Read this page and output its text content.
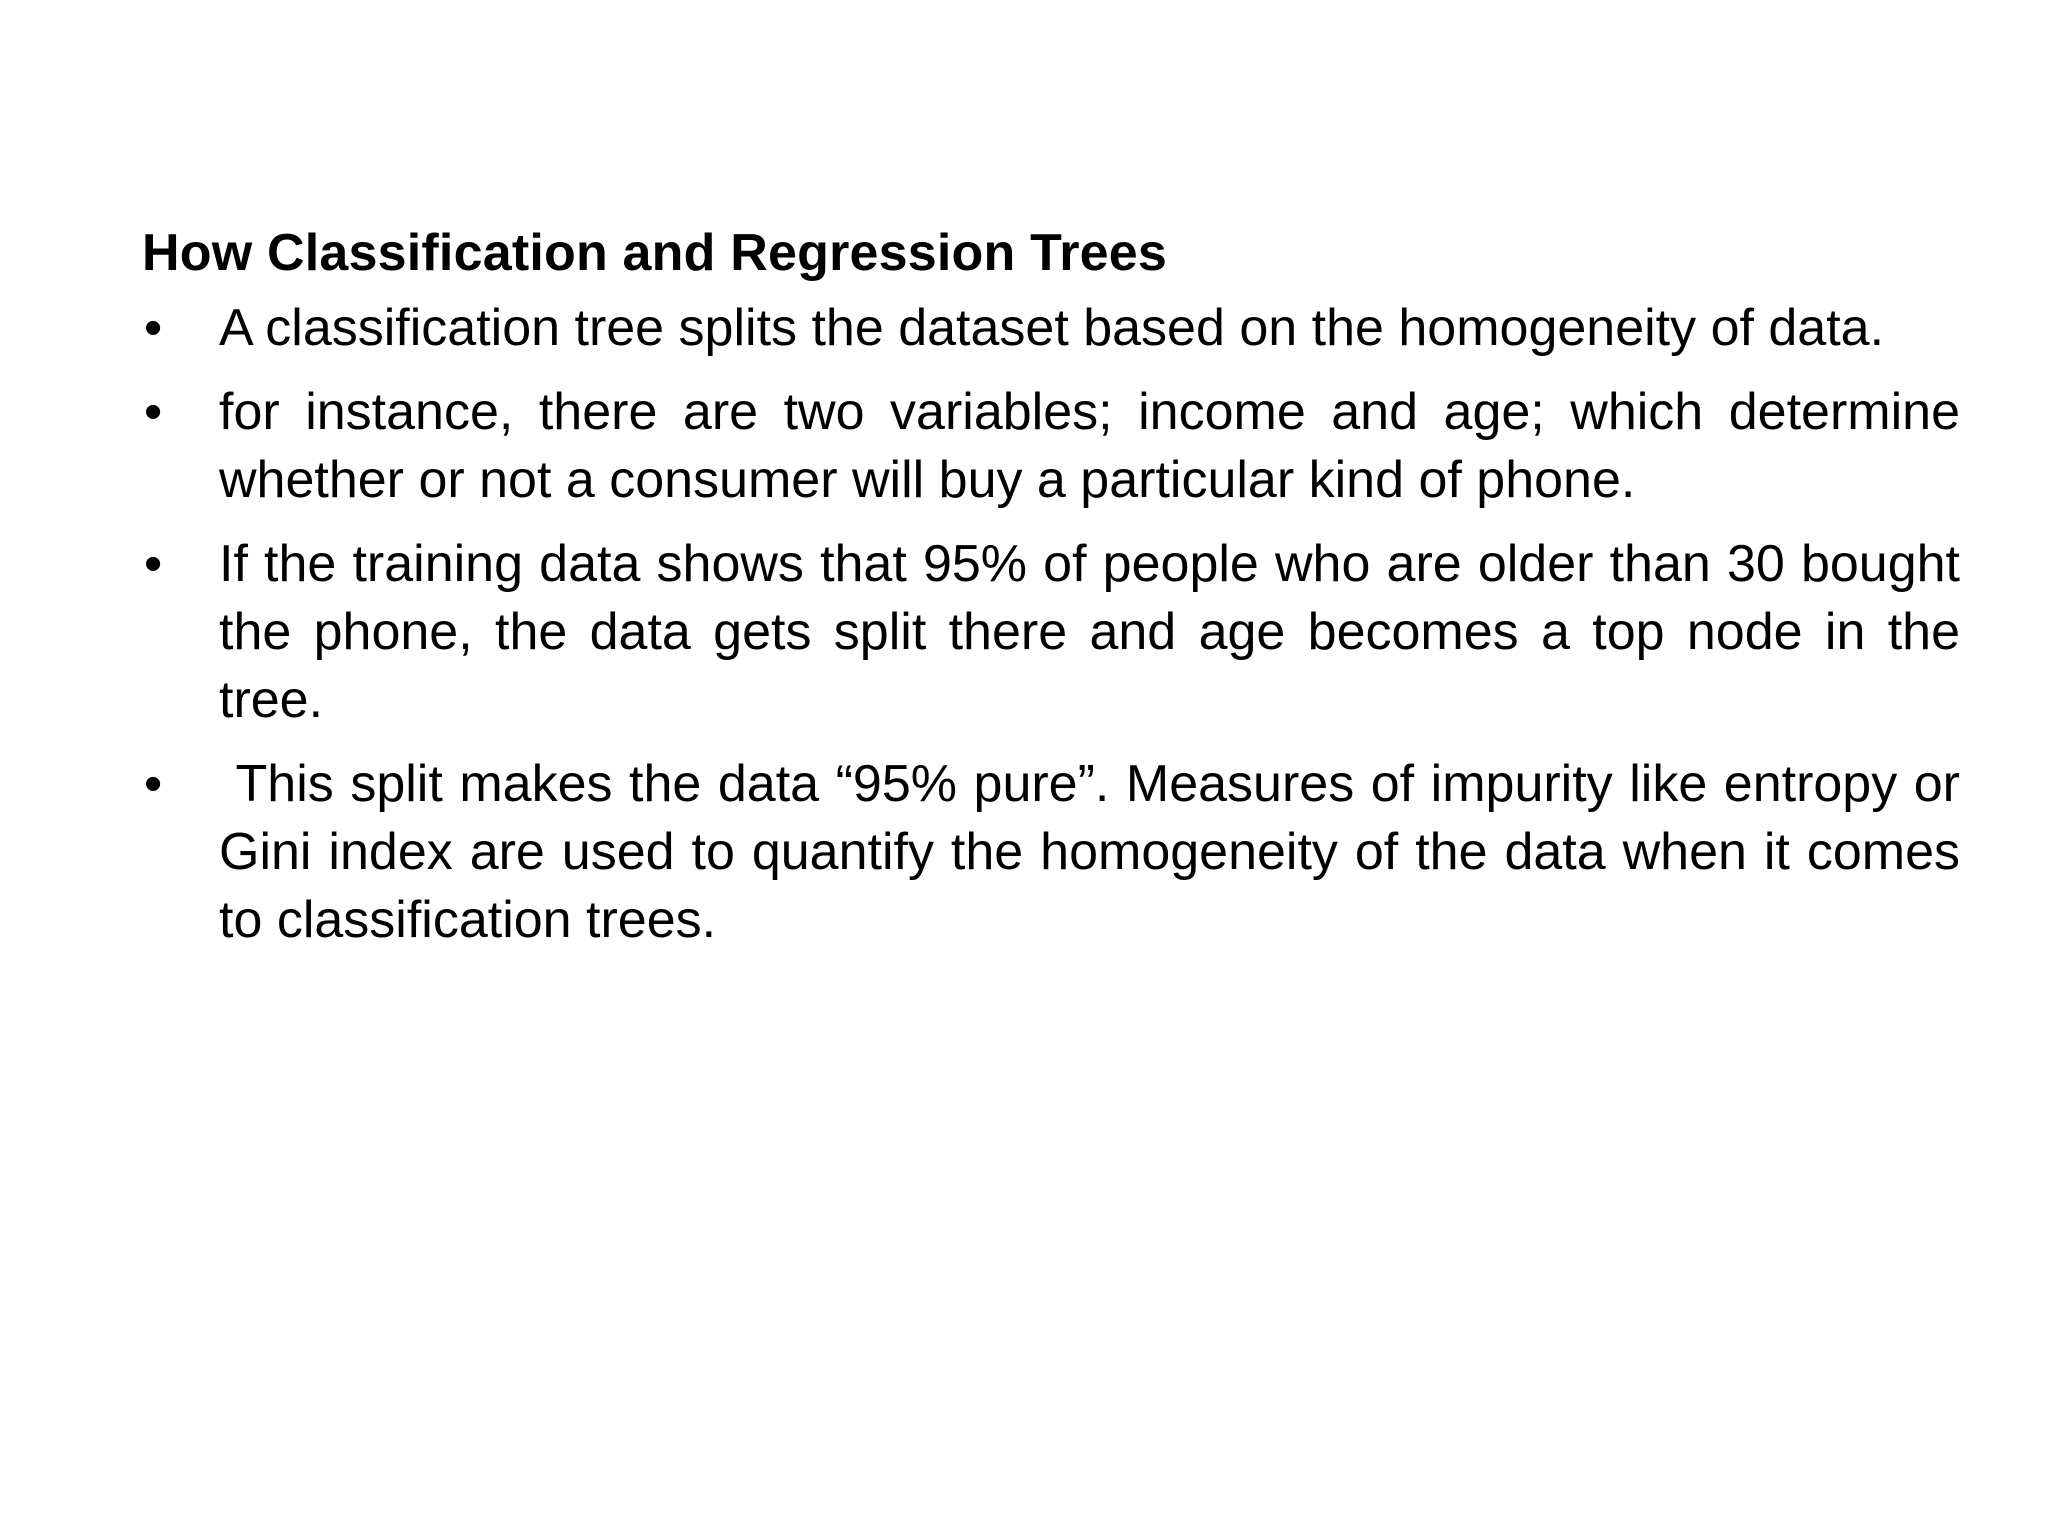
How Classification and Regression Trees
•	A classification tree splits the dataset based on the homogeneity of data.
•	for instance, there are two variables; income and age; which determine whether or not a consumer will buy a particular kind of phone.
•	If the training data shows that 95% of people who are older than 30 bought the phone, the data gets split there and age becomes a top node in the tree.
•	This split makes the data “95% pure”. Measures of impurity like entropy or Gini index are used to quantify the homogeneity of the data when it comes to classification trees.
